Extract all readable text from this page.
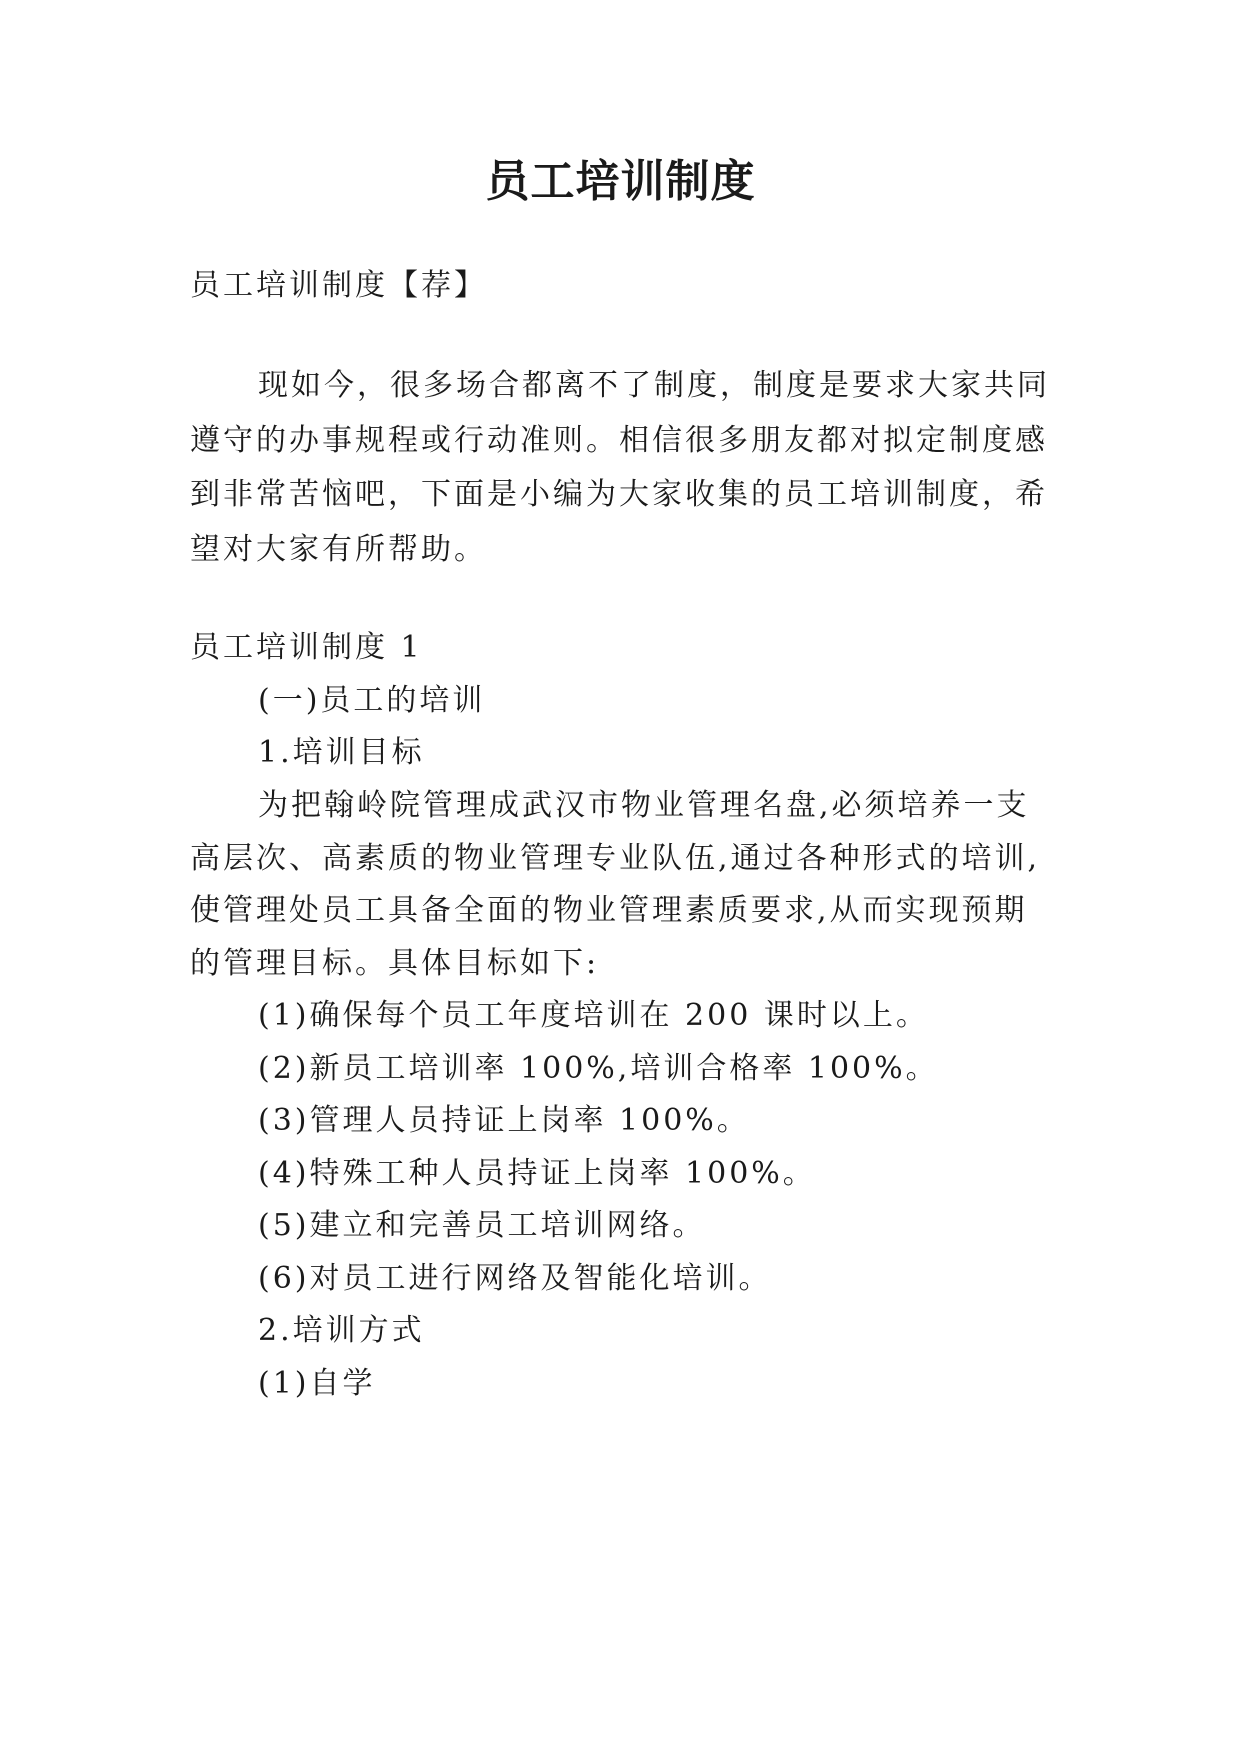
员工培训制度

员工培训制度【荐】

现如今，很多场合都离不了制度，制度是要求大家共同

遵守的办事规程或行动准则。相信很多朋友都对拟定制度感

到非常苦恼吧，下面是小编为大家收集的员工培训制度，希

望对大家有所帮助。

员工培训制度 1

(一)员工的培训

1.培训目标

为把翰岭院管理成武汉市物业管理名盘,必须培养一支

高层次、高素质的物业管理专业队伍,通过各种形式的培训,

使管理处员工具备全面的物业管理素质要求,从而实现预期

的管理目标。具体目标如下:

(1)确保每个员工年度培训在 200 课时以上。

(2)新员工培训率 100%,培训合格率 100%。

(3)管理人员持证上岗率 100%。

(4)特殊工种人员持证上岗率 100%。

(5)建立和完善员工培训网络。

(6)对员工进行网络及智能化培训。

2.培训方式

(1)自学
